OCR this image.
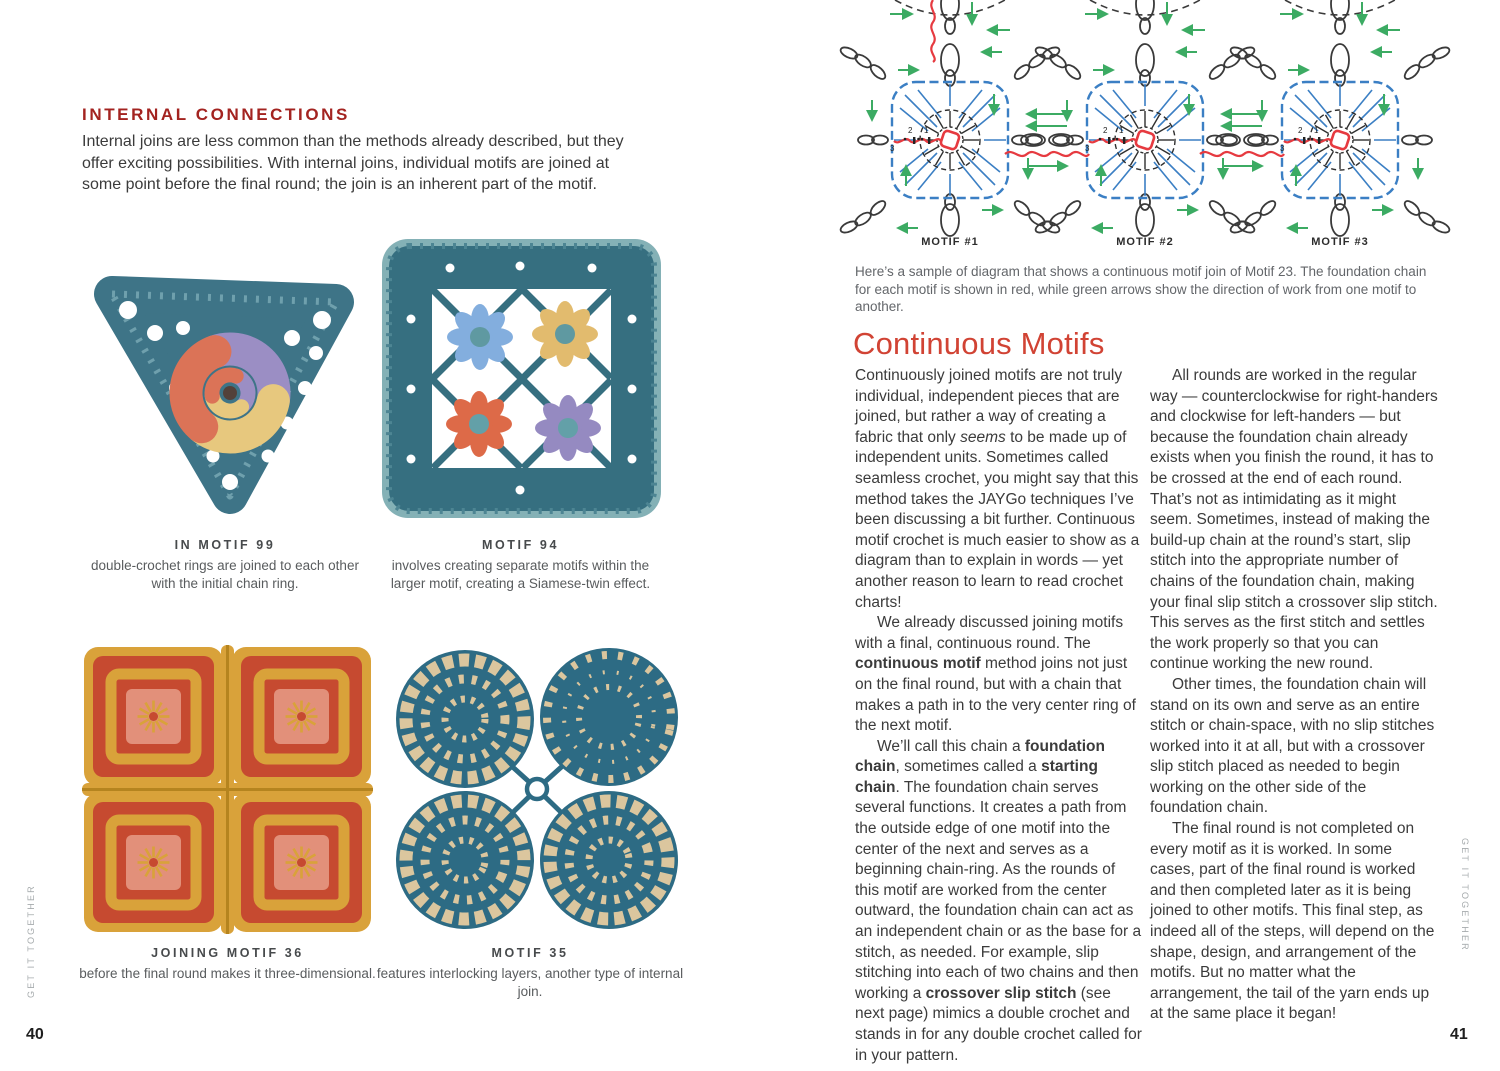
INTERNAL CONNECTIONS
Internal joins are less common than the methods already described, but they offer exciting possibilities. With internal joins, individual motifs are joined at some point before the final round; the join is an inherent part of the motif.
IN MOTIF 99
double-crochet rings are joined to each other with the initial chain ring.
MOTIF 94
involves creating separate motifs within the larger motif, creating a Siamese-twin effect.
JOINING MOTIF 36
before the final round makes it three-dimensional.
MOTIF 35
features interlocking layers, another type of internal join.
GET IT TOGETHER
40
3
MOTIF #1	MOTIF #2	MOTIF #3
Here’s a sample of diagram that shows a continuous motif join of Motif 23. The foundation chain for each motif is shown in red, while green arrows show the direction of work from one motif to another.
Continuous Motifs

Continuously joined motifs are not truly individual, independent pieces that are joined, but rather a way of creating a fabric that only seems to be made up of independent units. Sometimes called seamless crochet, you might say that this method takes the JAYGo techniques I’ve been discussing a bit further. Continuous motif crochet is much easier to show as a diagram than to explain in words — yet another reason to learn to read crochet charts!

We already discussed joining motifs with a final, continuous round. The continuous motif method joins not just on the final round, but with a chain that makes a path in to the very center ring of the next motif.

We’ll call this chain a foundation chain, sometimes called a starting chain. The foundation chain serves several functions. It creates a path from the outside edge of one motif into the center of the next and serves as a beginning chain-ring. As the rounds of this motif are worked from the center outward, the foundation chain can act as an independent chain or as the base for a stitch, as needed. For example, slip stitching into each of two chains and then working a crossover slip stitch (see next page) mimics a double crochet and stands in for any double crochet called for in your pattern.

All rounds are worked in the regular way — counterclockwise for right-handers and clockwise for left-handers — but because the foundation chain already exists when you finish the round, it has to be crossed at the end of each round. That’s not as intimidating as it might seem. Sometimes, instead of making the build-up chain at the round’s start, slip stitch into the appropriate number of chains of the foundation chain, making your final slip stitch a crossover slip stitch. This serves as the first stitch and settles the work properly so that you can continue working the new round.

Other times, the foundation chain will stand on its own and serve as an entire stitch or chain-space, with no slip stitches worked into it at all, but with a crossover slip stitch placed as needed to begin working on the other side of the foundation chain.

The final round is not completed on every motif as it is worked. In some cases, part of the final round is worked and then completed later as it is being joined to other motifs. This final step, as indeed all of the steps, will depend on the shape, design, and arrangement of the motifs. But no matter what the arrangement, the tail of the yarn ends up at the same place it began!

GET IT TOGETHER
41
